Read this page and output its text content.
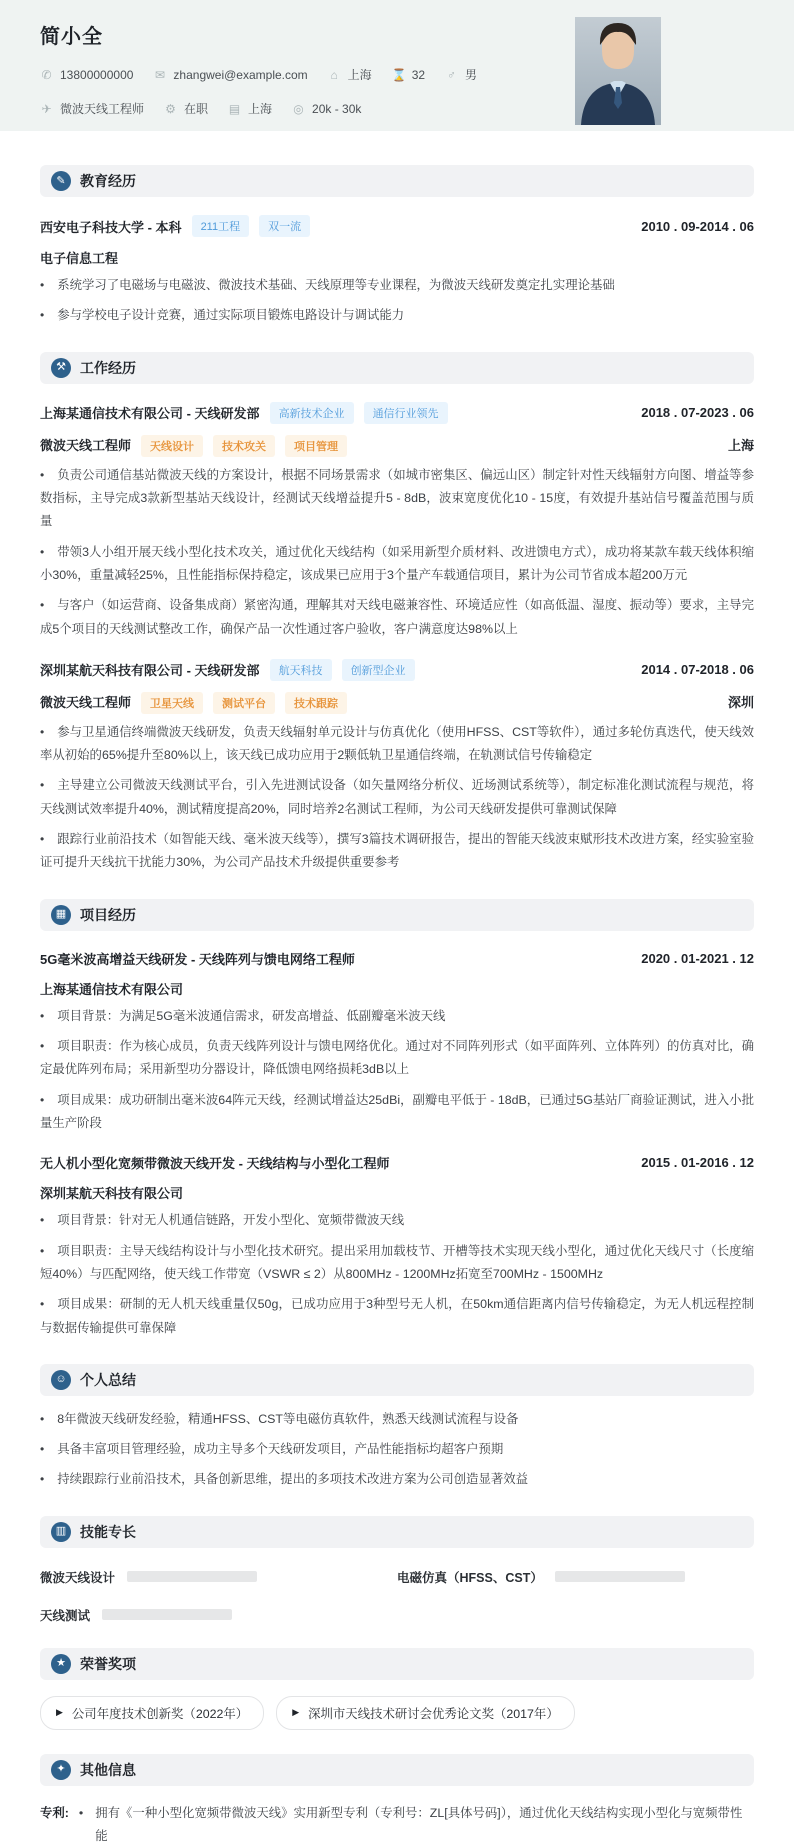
简小全
✆ 13800000000 ✉ zhangwei@example.com ⌂ 上海 ⌛ 32 ♂ 男
✈ 微波天线工程师 ⚙ 在职 ▤ 上海 ◎ 20k - 30k
✎	教育经历
西安电子科技大学 - 本科	211工程	双一流	2010 . 09-2014 . 06
电子信息工程

• 系统学习了电磁场与电磁波、微波技术基础、天线原理等专业课程，为微波天线研发奠定扎实理论基础

• 参与学校电子设计竞赛，通过实际项目锻炼电路设计与调试能力

⚒	工作经历
上海某通信技术有限公司 - 天线研发部	高新技术企业	通信行业领先	2018 . 07-2023 . 06
微波天线工程师	天线设计	技术攻关	项目管理	上海

• 负责公司通信基站微波天线的方案设计，根据不同场景需求（如城市密集区、偏远山区）制定针对性天线辐射方向图、增益等参数指标，主导完成3款新型基站天线设计，经测试天线增益提升5 - 8dB，波束宽度优化10 - 15度，有效提升基站信号覆盖范围与质量

• 带领3人小组开展天线小型化技术攻关，通过优化天线结构（如采用新型介质材料、改进馈电方式），成功将某款车载天线体积缩小30%，重量减轻25%，且性能指标保持稳定，该成果已应用于3个量产车载通信项目，累计为公司节省成本超200万元

• 与客户（如运营商、设备集成商）紧密沟通，理解其对天线电磁兼容性、环境适应性（如高低温、湿度、振动等）要求，主导完成5个项目的天线测试整改工作，确保产品一次性通过客户验收，客户满意度达98%以上

深圳某航天科技有限公司 - 天线研发部	航天科技	创新型企业	2014 . 07-2018 . 06
微波天线工程师	卫星天线	测试平台	技术跟踪	深圳

• 参与卫星通信终端微波天线研发，负责天线辐射单元设计与仿真优化（使用HFSS、CST等软件），通过多轮仿真迭代，使天线效率从初始的65%提升至80%以上，该天线已成功应用于2颗低轨卫星通信终端，在轨测试信号传输稳定

• 主导建立公司微波天线测试平台，引入先进测试设备（如矢量网络分析仪、近场测试系统等），制定标准化测试流程与规范，将天线测试效率提升40%，测试精度提高20%，同时培养2名测试工程师，为公司天线研发提供可靠测试保障

• 跟踪行业前沿技术（如智能天线、毫米波天线等），撰写3篇技术调研报告，提出的智能天线波束赋形技术改进方案，经实验室验证可提升天线抗干扰能力30%，为公司产品技术升级提供重要参考

▦ 项目经历
5G毫米波高增益天线研发 - 天线阵列与馈电网络工程师	2020 . 01-2021 . 12
上海某通信技术有限公司

• 项目背景：为满足5G毫米波通信需求，研发高增益、低副瓣毫米波天线

• 项目职责：作为核心成员，负责天线阵列设计与馈电网络优化。通过对不同阵列形式（如平面阵列、立体阵列）的仿真对比，确定最优阵列布局；采用新型功分器设计，降低馈电网络损耗3dB以上

• 项目成果：成功研制出毫米波64阵元天线，经测试增益达25dBi，副瓣电平低于 - 18dB，已通过5G基站厂商验证测试，进入小批量生产阶段

无人机小型化宽频带微波天线开发 - 天线结构与小型化工程师	2015 . 01-2016 . 12
深圳某航天科技有限公司

• 项目背景：针对无人机通信链路，开发小型化、宽频带微波天线

• 项目职责：主导天线结构设计与小型化技术研究。提出采用加载枝节、开槽等技术实现天线小型化，通过优化天线尺寸（长度缩短40%）与匹配网络，使天线工作带宽（VSWR ≤ 2）从800MHz - 1200MHz拓宽至700MHz - 1500MHz

• 项目成果：研制的无人机天线重量仅50g，已成功应用于3种型号无人机，在50km通信距离内信号传输稳定，为无人机远程控制与数据传输提供可靠保障

☺ 个人总结

• 8年微波天线研发经验，精通HFSS、CST等电磁仿真软件，熟悉天线测试流程与设备

• 具备丰富项目管理经验，成功主导多个天线研发项目，产品性能指标均超客户预期

• 持续跟踪行业前沿技术，具备创新思维，提出的多项技术改进方案为公司创造显著效益

▥ 技能专长
微波天线设计	电磁仿真（HFSS、CST）
天线测试
★	荣誉奖项
▶ 公司年度技术创新奖（2022年）	▶ 深圳市天线技术研讨会优秀论文奖（2017年）
✦	其他信息
专利: • 拥有《一种小型化宽频带微波天线》实用新型专利（专利号：ZL[具体号码]），通过优化天线结构实现小型化与宽频带性能
